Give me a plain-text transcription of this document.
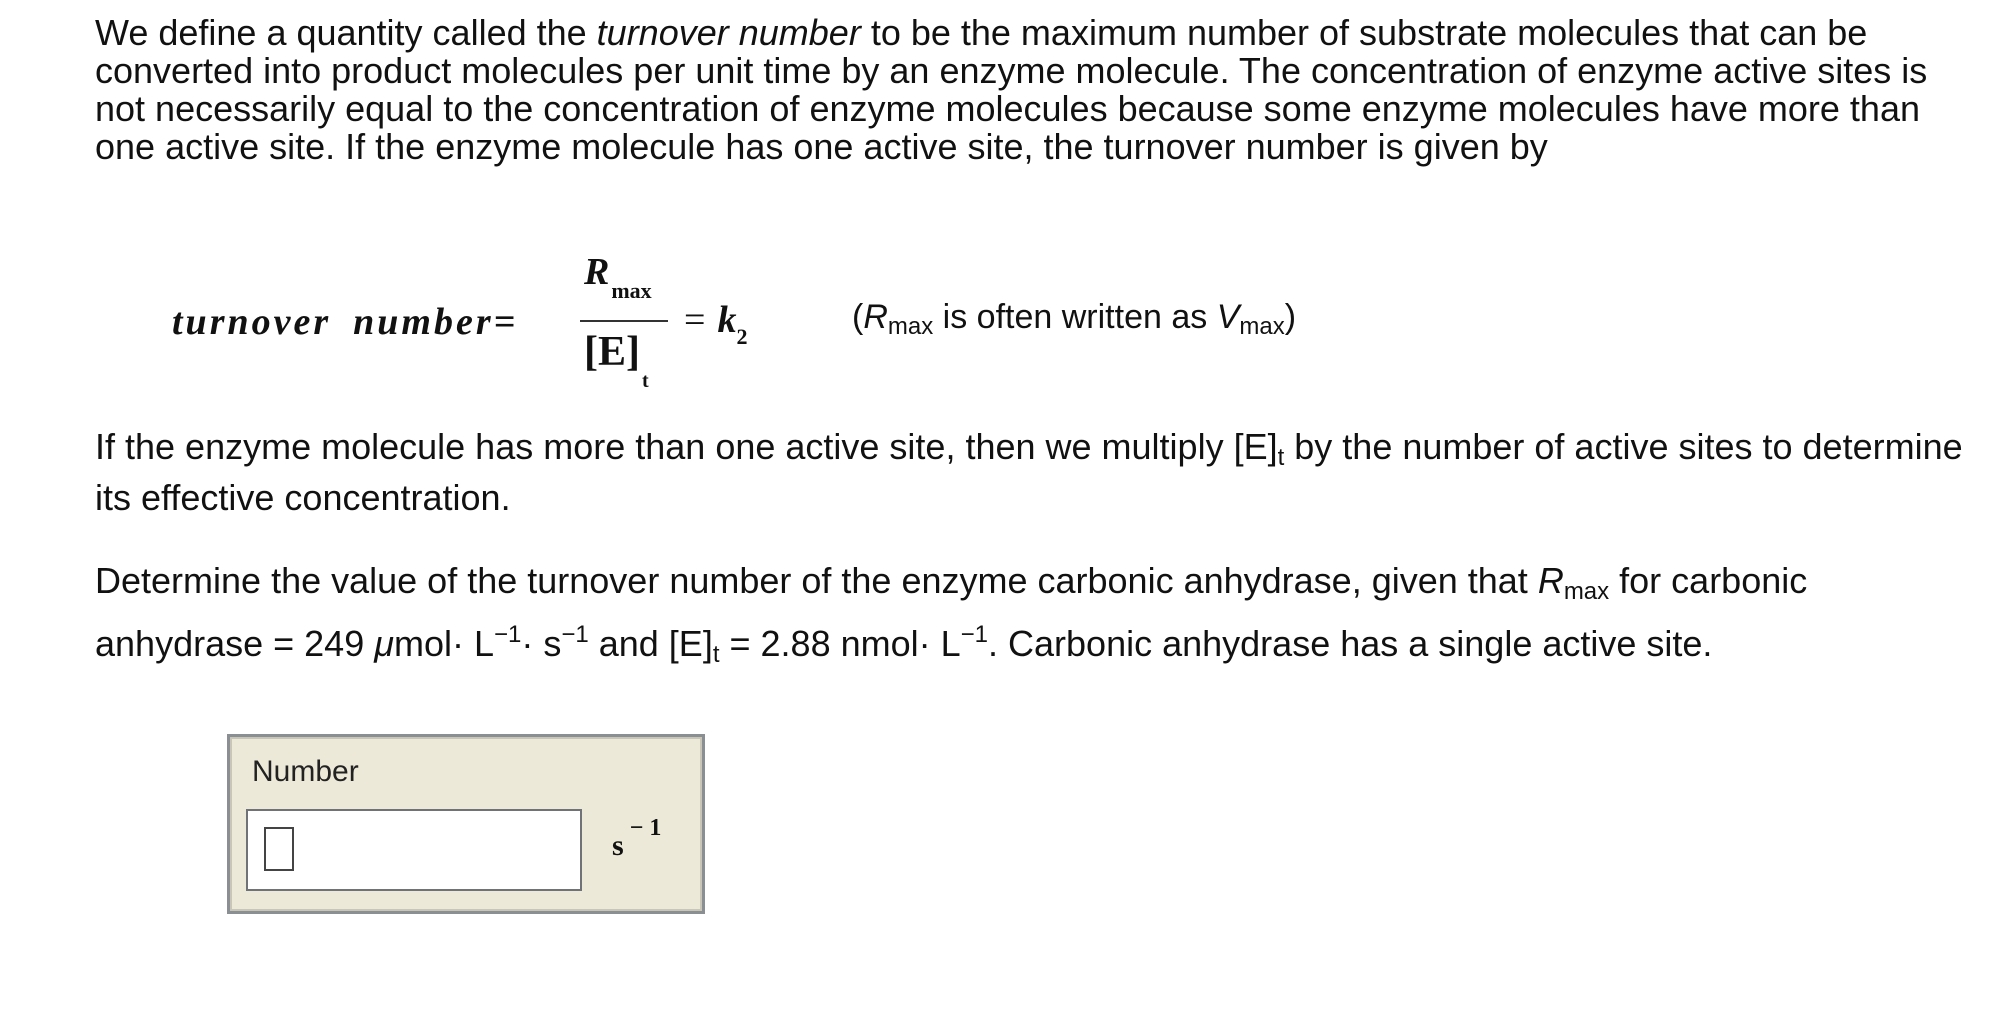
We define a quantity called the turnover number to be the maximum number of substrate molecules that can be converted into product molecules per unit time by an enzyme molecule. The concentration of enzyme active sites is not necessarily equal to the concentration of enzyme molecules because some enzyme molecules have more than one active site. If the enzyme molecule has one active site, the turnover number is given by

turnover number=
$R_{max}$
$[E]_t$
= $k_2$
(Rmax is often written as Vmax)

If the enzyme molecule has more than one active site, then we multiply [E]t by the number of active sites to determine its effective concentration.

Determine the value of the turnover number of the enzyme carbonic anhydrase, given that Rmax for carbonic anhydrase = 249 $\mu mol\cdot L^{-1}\cdot s^{-1}$ and [E]t = 2.88 nmol· $L^{-1}$. Carbonic anhydrase has a single active site.

Number
$s^{- 1}$
